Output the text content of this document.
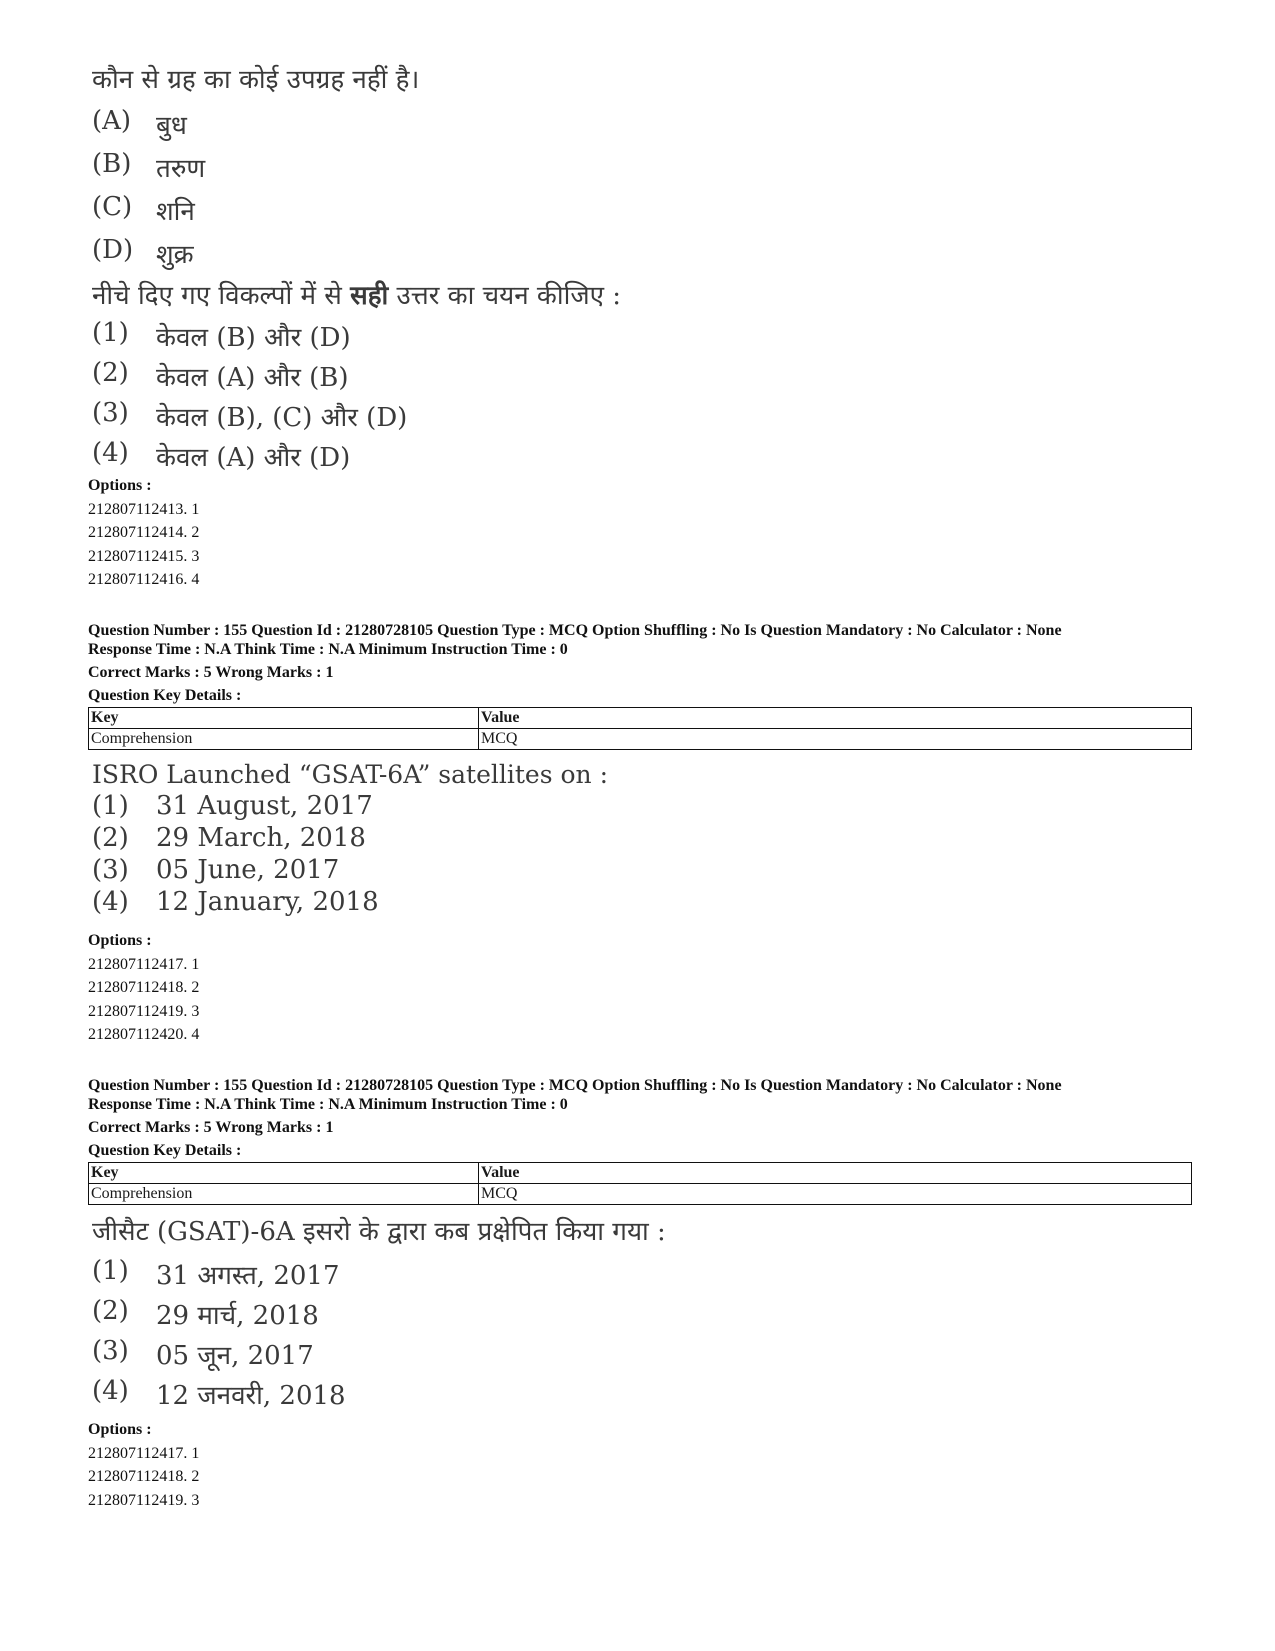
कौन से ग्रह का कोई उपग्रह नहीं है।
(A) बुध
(B) तरुण
(C) शनि
(D) शुक्र
नीचे दिए गए विकल्पों में से सही उत्तर का चयन कीजिए :
(1)	केवल (B) और (D)
(2)	केवल (A) और (B)
(3)	केवल (B), (C) और (D)
(4)	केवल (A) और (D)
Options :
212807112413. 1
212807112414. 2
212807112415. 3
212807112416. 4
Question Number : 155 Question Id : 21280728105 Question Type : MCQ Option Shuffling : No Is Question Mandatory : No Calculator : None
Response Time : N.A Think Time : N.A Minimum Instruction Time : 0
Correct Marks : 5 Wrong Marks : 1
Question Key Details :
Key	Value
Comprehension	MCQ
ISRO Launched “GSAT-6A” satellites on :
(1)	31 August, 2017
(2)	29 March, 2018
(3)	05 June, 2017
(4)	12 January, 2018
Options :
212807112417. 1
212807112418. 2
212807112419. 3
212807112420. 4
Question Number : 155 Question Id : 21280728105 Question Type : MCQ Option Shuffling : No Is Question Mandatory : No Calculator : None
Response Time : N.A Think Time : N.A Minimum Instruction Time : 0
Correct Marks : 5 Wrong Marks : 1
Question Key Details :
Key	Value
Comprehension	MCQ
जीसैट (GSAT)-6A इसरो के द्वारा कब प्रक्षेपित किया गया :
(1)	31 अगस्त, 2017
(2)	29 मार्च, 2018
(3)	05 जून, 2017
(4)	12 जनवरी, 2018
Options :
212807112417. 1
212807112418. 2
212807112419. 3
